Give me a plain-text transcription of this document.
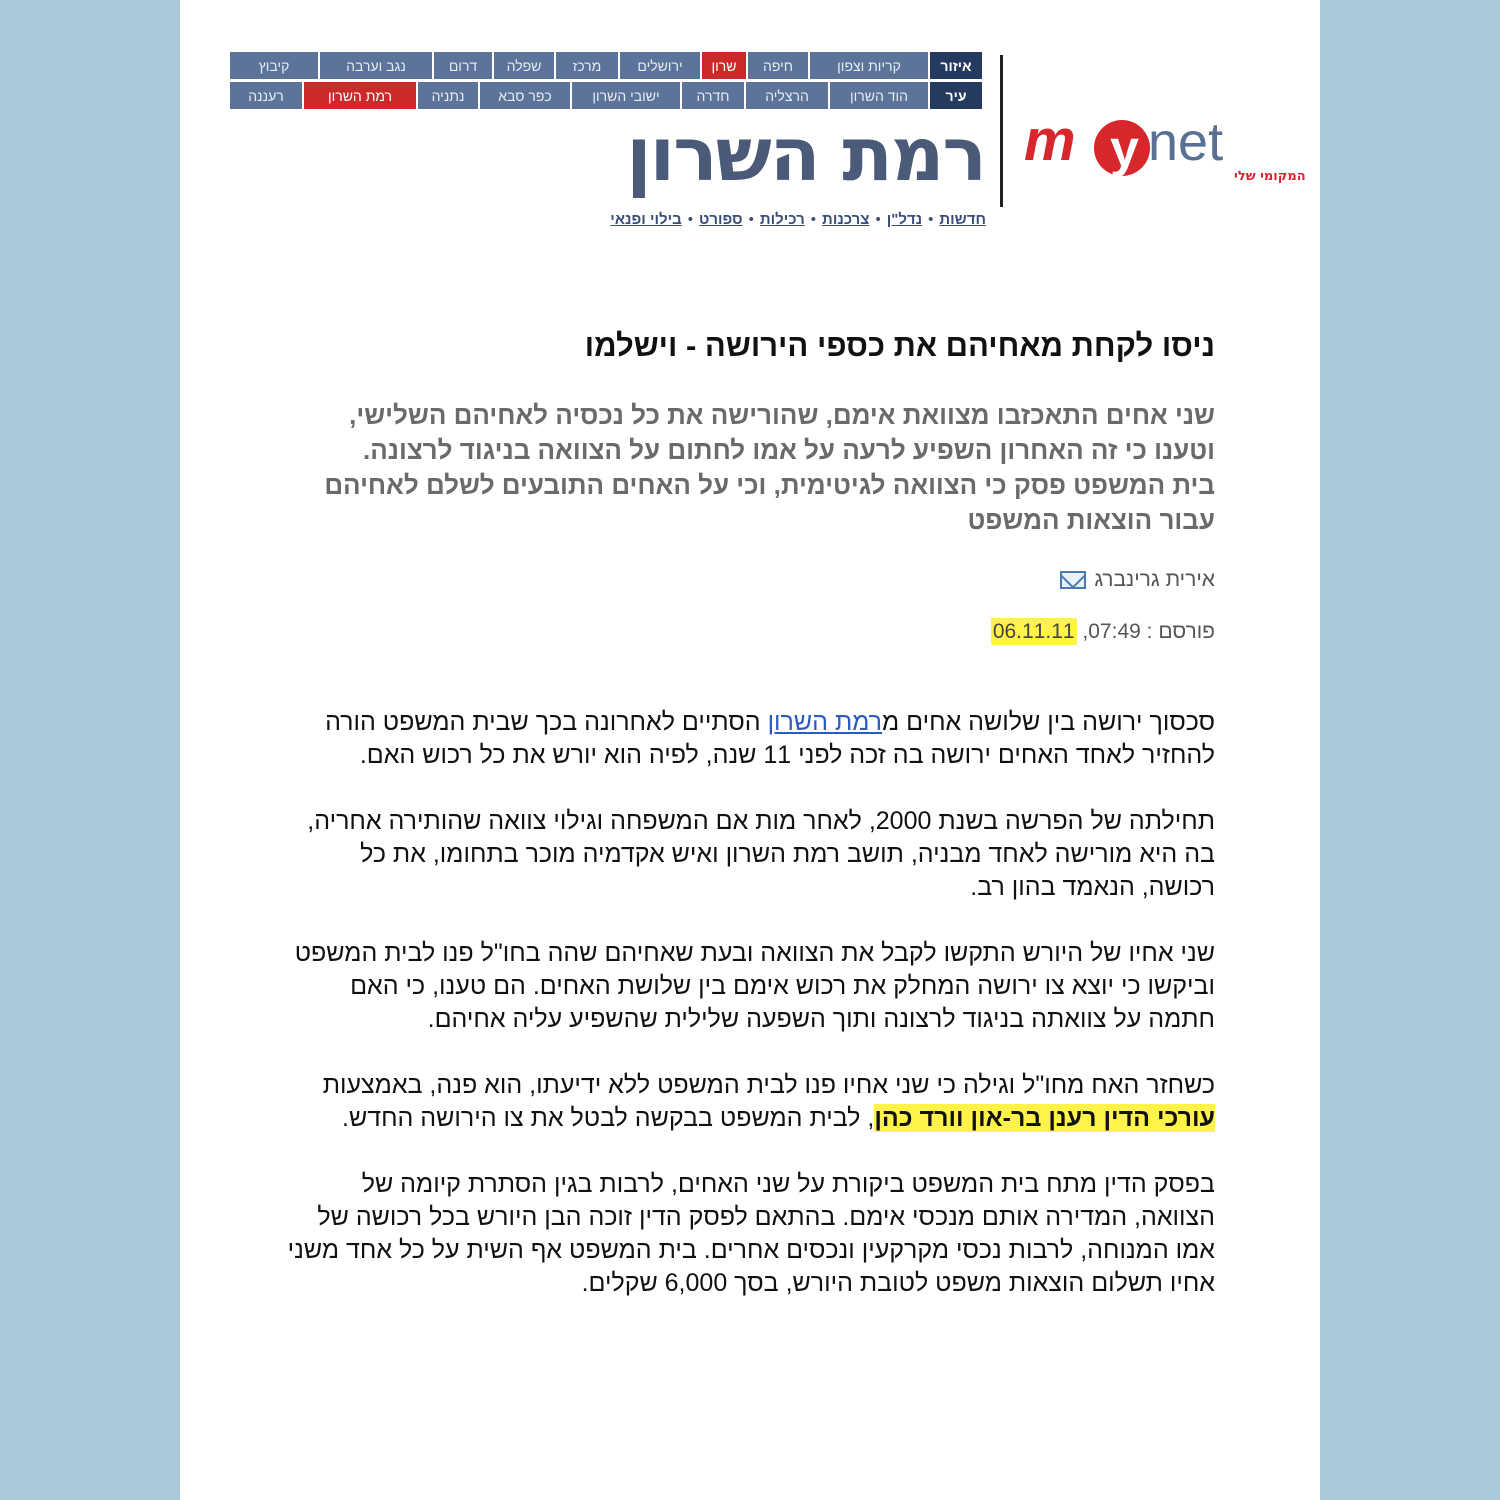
איזור
קריות וצפון
חיפה
שרון
ירושלים
מרכז
שפלה
דרום
נגב וערבה
קיבוץ
עיר
הוד השרון
הרצליה
חדרה
ישובי השרון
כפר סבא
נתניה
רמת השרון
רעננה
m y net
המקומי שלי
רמת השרון
חדשות•נדל"ן•צרכנות•רכילות•ספורט•בילוי ופנאי
ניסו לקחת מאחיהם את כספי הירושה - וישלמו
שני אחים התאכזבו מצוואת אימם, שהורישה את כל נכסיה לאחיהם השלישי, וטענו כי זה האחרון השפיע לרעה על אמו לחתום על הצוואה בניגוד לרצונה. בית המשפט פסק כי הצוואה לגיטימית, וכי על האחים התובעים לשלם לאחיהם עבור הוצאות המשפט
אירית גרינברג
פורסם : 07:49, 06.11.11

סכסוך ירושה בין שלושה אחים מרמת השרון הסתיים לאחרונה בכך שבית המשפט הורה להחזיר לאחד האחים ירושה בה זכה לפני 11 שנה, לפיה הוא יורש את כל רכוש האם.

תחילתה של הפרשה בשנת 2000, לאחר מות אם המשפחה וגילוי צוואה שהותירה אחריה, בה היא מורישה לאחד מבניה, תושב רמת השרון ואיש אקדמיה מוכר בתחומו, את כל רכושה, הנאמד בהון רב.

שני אחיו של היורש התקשו לקבל את הצוואה ובעת שאחיהם שהה בחו"ל פנו לבית המשפט וביקשו כי יוצא צו ירושה המחלק את רכוש אימם בין שלושת האחים. הם טענו, כי האם חתמה על צוואתה בניגוד לרצונה ותוך השפעה שלילית שהשפיע עליה אחיהם.

כשחזר האח מחו"ל וגילה כי שני אחיו פנו לבית המשפט ללא ידיעתו, הוא פנה, באמצעות עורכי הדין רענן בר-און וורד כהן, לבית המשפט בבקשה לבטל את צו הירושה החדש.

בפסק הדין מתח בית המשפט ביקורת על שני האחים, לרבות בגין הסתרת קיומה של הצוואה, המדירה אותם מנכסי אימם. בהתאם לפסק הדין זוכה הבן היורש בכל רכושה של אמו המנוחה, לרבות נכסי מקרקעין ונכסים אחרים. בית המשפט אף השית על כל אחד משני אחיו תשלום הוצאות משפט לטובת היורש, בסך 6,000 שקלים.
